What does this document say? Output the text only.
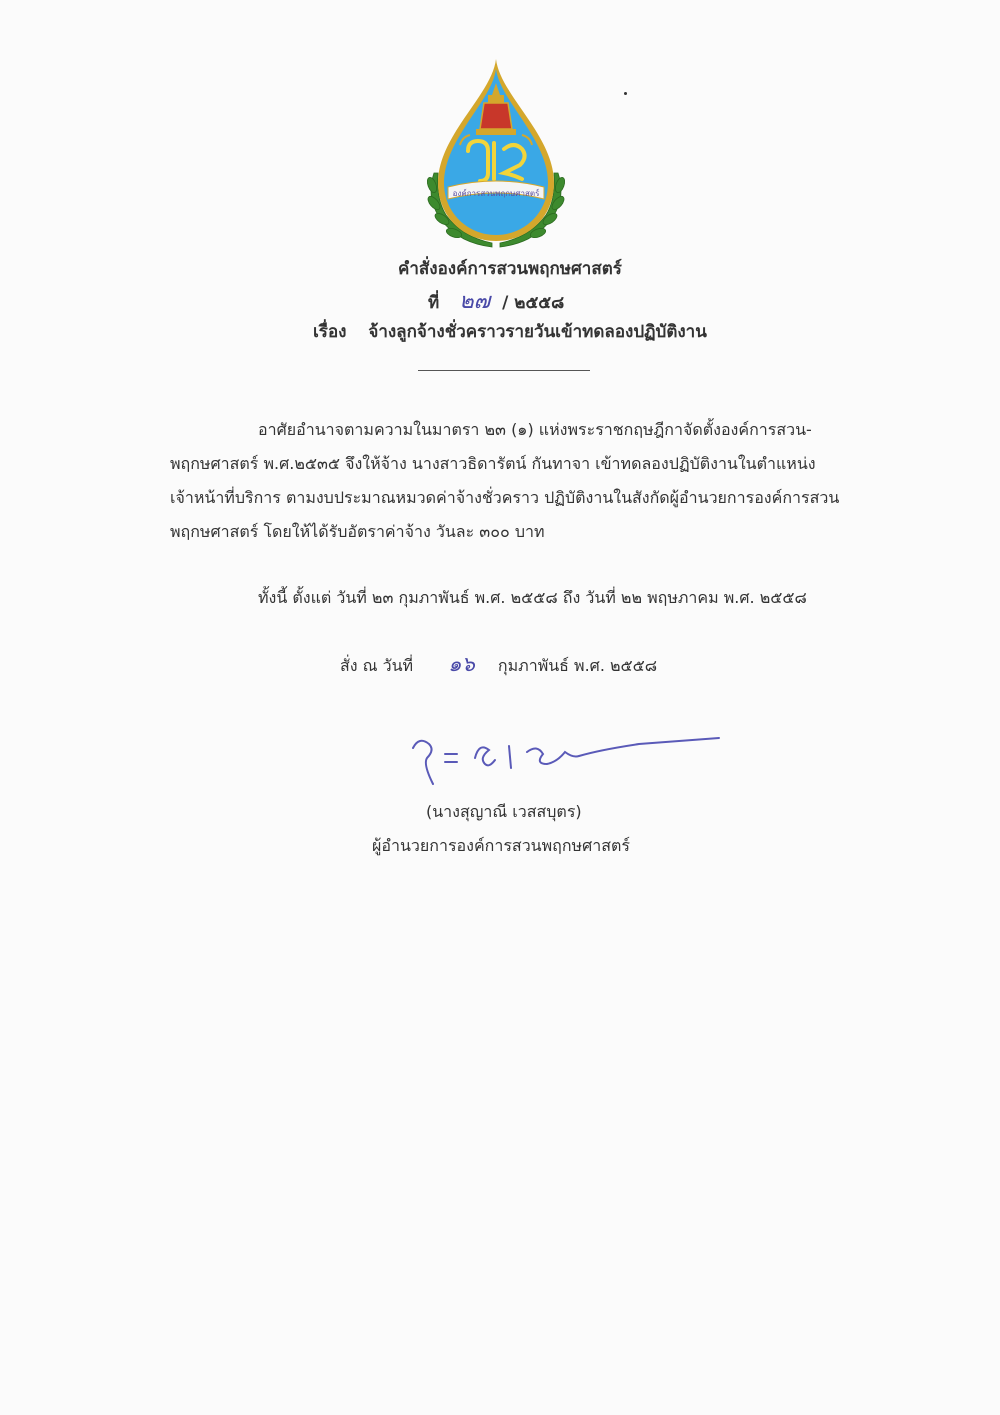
องค์การสวนพฤกษศาสตร์
คำสั่งองค์การสวนพฤกษศาสตร์
ที่ ๒๗ / ๒๕๕๘
เรื่อง จ้างลูกจ้างชั่วคราวรายวันเข้าทดลองปฏิบัติงาน
อาศัยอำนาจตามความในมาตรา ๒๓ (๑) แห่งพระราชกฤษฎีกาจัดตั้งองค์การสวน-
พฤกษศาสตร์ พ.ศ.๒๕๓๕ จึงให้จ้าง นางสาวธิดารัตน์ กันทาจา เข้าทดลองปฏิบัติงานในตำแหน่ง
เจ้าหน้าที่บริการ ตามงบประมาณหมวดค่าจ้างชั่วคราว ปฏิบัติงานในสังกัดผู้อำนวยการองค์การสวน
พฤกษศาสตร์ โดยให้ได้รับอัตราค่าจ้าง วันละ ๓๐๐ บาท
ทั้งนี้ ตั้งแต่ วันที่ ๒๓ กุมภาพันธ์ พ.ศ. ๒๕๕๘ ถึง วันที่ ๒๒ พฤษภาคม พ.ศ. ๒๕๕๘
สั่ง ณ วันที่ ๑๖ กุมภาพันธ์ พ.ศ. ๒๕๕๘
(นางสุญาณี เวสสบุตร)
ผู้อำนวยการองค์การสวนพฤกษศาสตร์
